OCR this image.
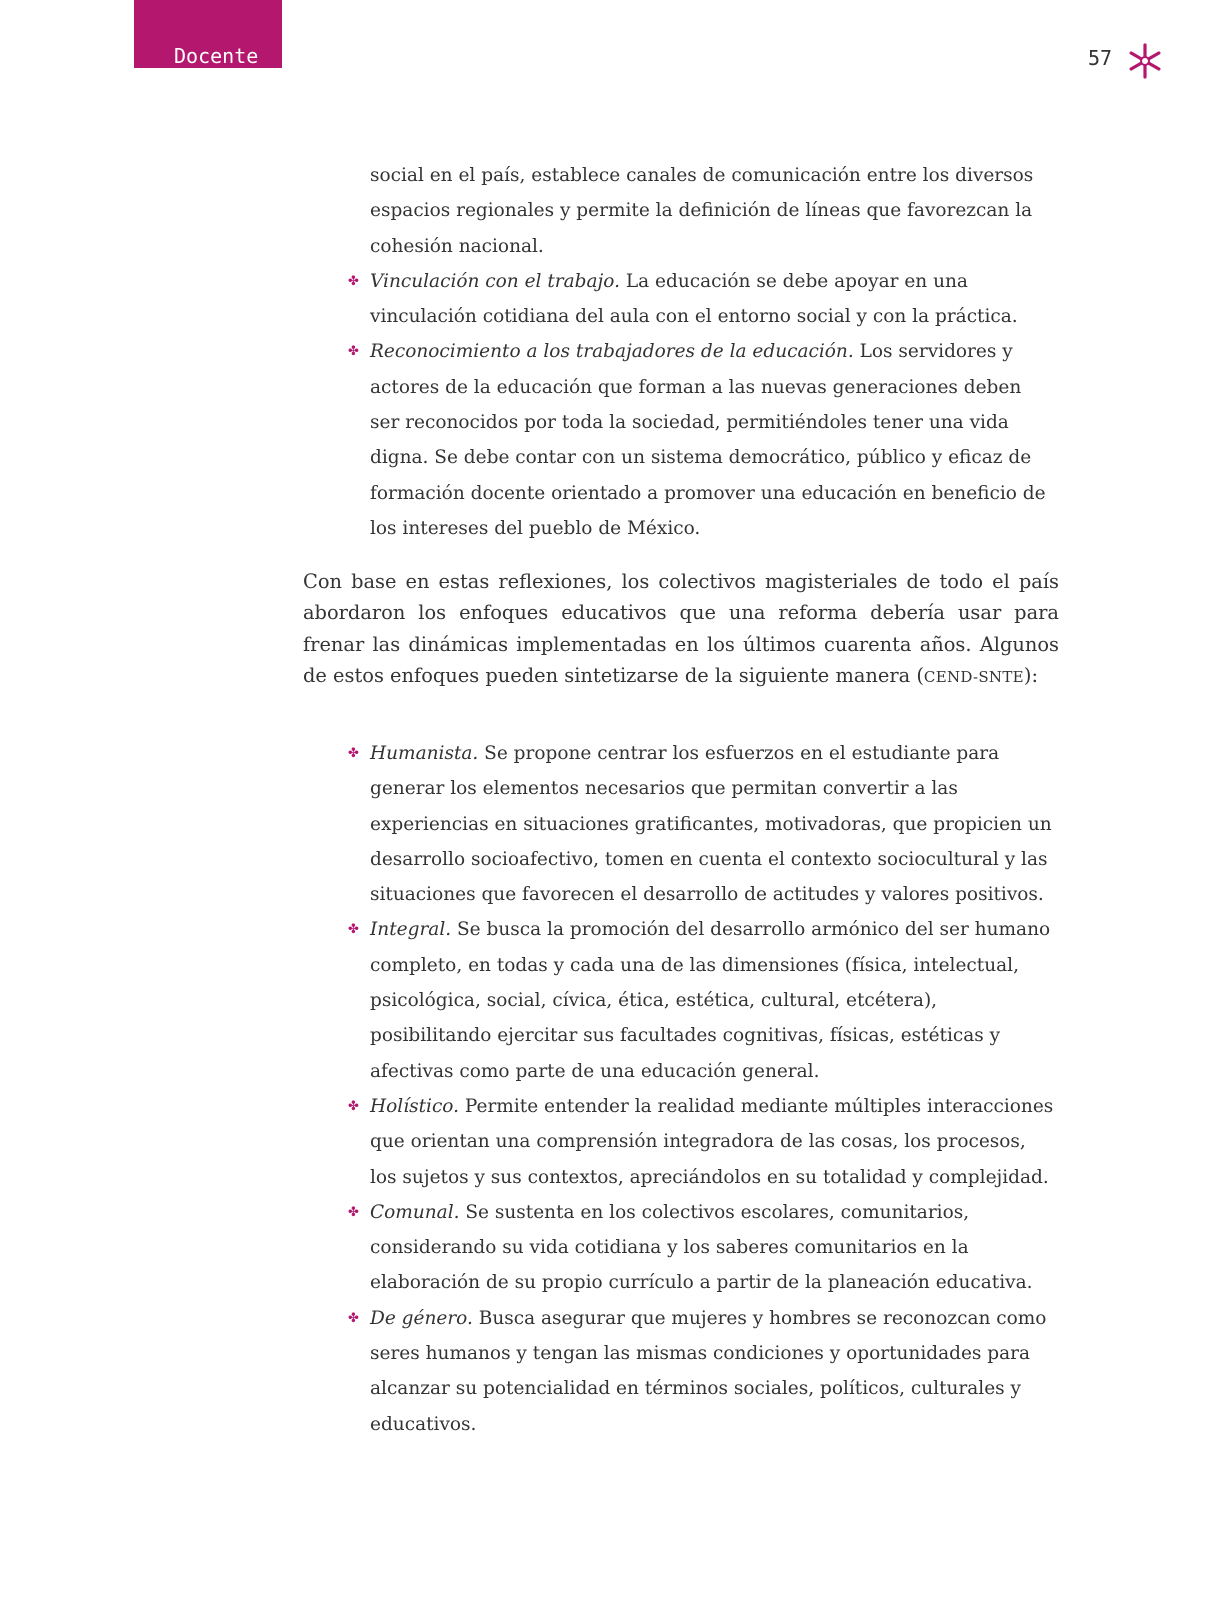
Docente	57
social en el país, establece canales de comunicación entre los diversos espacios regionales y permite la definición de líneas que favorezcan la cohesión nacional.
✤ Vinculación con el trabajo. La educación se debe apoyar en una vinculación cotidiana del aula con el entorno social y con la práctica.
✤ Reconocimiento a los trabajadores de la educación. Los servidores y actores de la educación que forman a las nuevas generaciones deben ser reconocidos por toda la sociedad, permitiéndoles tener una vida digna. Se debe contar con un sistema democrático, público y eficaz de formación docente orientado a promover una educación en beneficio de los intereses del pueblo de México.

Con base en estas reflexiones, los colectivos magisteriales de todo el país abordaron los enfoques educativos que una reforma debería usar para frenar las dinámicas implementadas en los últimos cuarenta años. Algunos de estos enfoques pueden sintetizarse de la siguiente manera (CEND-SNTE):

✤ Humanista. Se propone centrar los esfuerzos en el estudiante para generar los elementos necesarios que permitan convertir a las experiencias en situaciones gratificantes, motivadoras, que propicien un desarrollo socioafectivo, tomen en cuenta el contexto sociocultural y las situaciones que favorecen el desarrollo de actitudes y valores positivos.
✤ Integral. Se busca la promoción del desarrollo armónico del ser humano completo, en todas y cada una de las dimensiones (física, intelectual, psicológica, social, cívica, ética, estética, cultural, etcétera), posibilitando ejercitar sus facultades cognitivas, físicas, estéticas y afectivas como parte de una educación general.
✤ Holístico. Permite entender la realidad mediante múltiples interacciones que orientan una comprensión integradora de las cosas, los procesos, los sujetos y sus contextos, apreciándolos en su totalidad y complejidad.
✤ Comunal. Se sustenta en los colectivos escolares, comunitarios, considerando su vida cotidiana y los saberes comunitarios en la elaboración de su propio currículo a partir de la planeación educativa.
✤ De género. Busca asegurar que mujeres y hombres se reconozcan como seres humanos y tengan las mismas condiciones y oportunidades para alcanzar su potencialidad en términos sociales, políticos, culturales y educativos.
